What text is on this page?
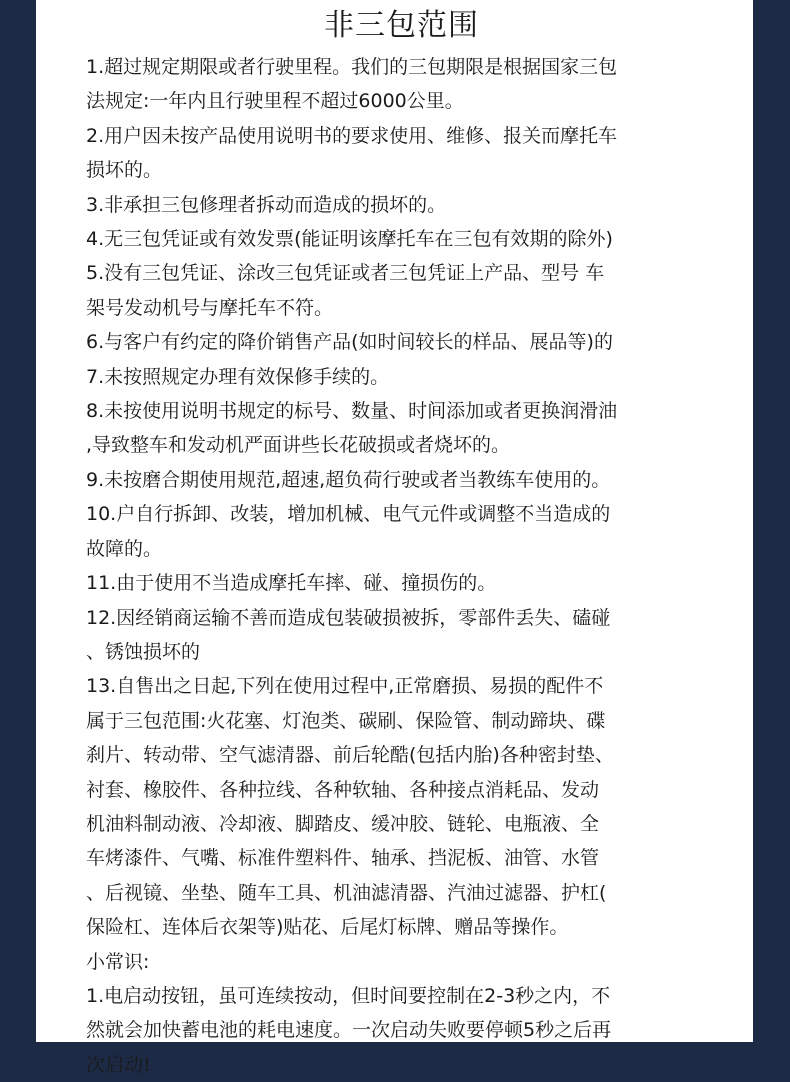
非三包范围

1.超过规定期限或者行驶里程。我们的三包期限是根据国家三包

法规定:一年内且行驶里程不超过6000公里。

2.用户因未按产品使用说明书的要求使用、维修、报关而摩托车

损坏的。

3.非承担三包修理者拆动而造成的损坏的。

4.无三包凭证或有效发票(能证明该摩托车在三包有效期的除外)

5.没有三包凭证、涂改三包凭证或者三包凭证上产品、型号 车

架号发动机号与摩托车不符。

6.与客户有约定的降价销售产品(如时间较长的样品、展品等)的

7.未按照规定办理有效保修手续的。

8.未按使用说明书规定的标号、数量、时间添加或者更换润滑油

,导致整车和发动机严面讲些长花破损或者烧坏的。

9.未按磨合期使用规范,超速,超负荷行驶或者当教练车使用的。

10.户自行拆卸、改装，增加机械、电气元件或调整不当造成的

故障的。

11.由于使用不当造成摩托车摔、碰、撞损伤的。

12.因经销商运输不善而造成包装破损被拆，零部件丢失、磕碰

、锈蚀损坏的

13.自售出之日起,下列在使用过程中,正常磨损、易损的配件不

属于三包范围:火花塞、灯泡类、碳刷、保险管、制动蹄块、碟

刹片、转动带、空气滤清器、前后轮酷(包括内胎)各种密封垫、

衬套、橡胶件、各种拉线、各种软轴、各种接点消耗品、发动

机油料制动液、冷却液、脚踏皮、缓冲胶、链轮、电瓶液、全

车烤漆件、气嘴、标准件塑料件、轴承、挡泥板、油管、水管

、后视镜、坐垫、随车工具、机油滤清器、汽油过滤器、护杠(

保险杠、连体后衣架等)贴花、后尾灯标牌、赠品等操作。

小常识:

1.电启动按钮，虽可连续按动，但时间要控制在2-3秒之内，不

然就会加快蓄电池的耗电速度。一次启动失败要停顿5秒之后再

次启动!
